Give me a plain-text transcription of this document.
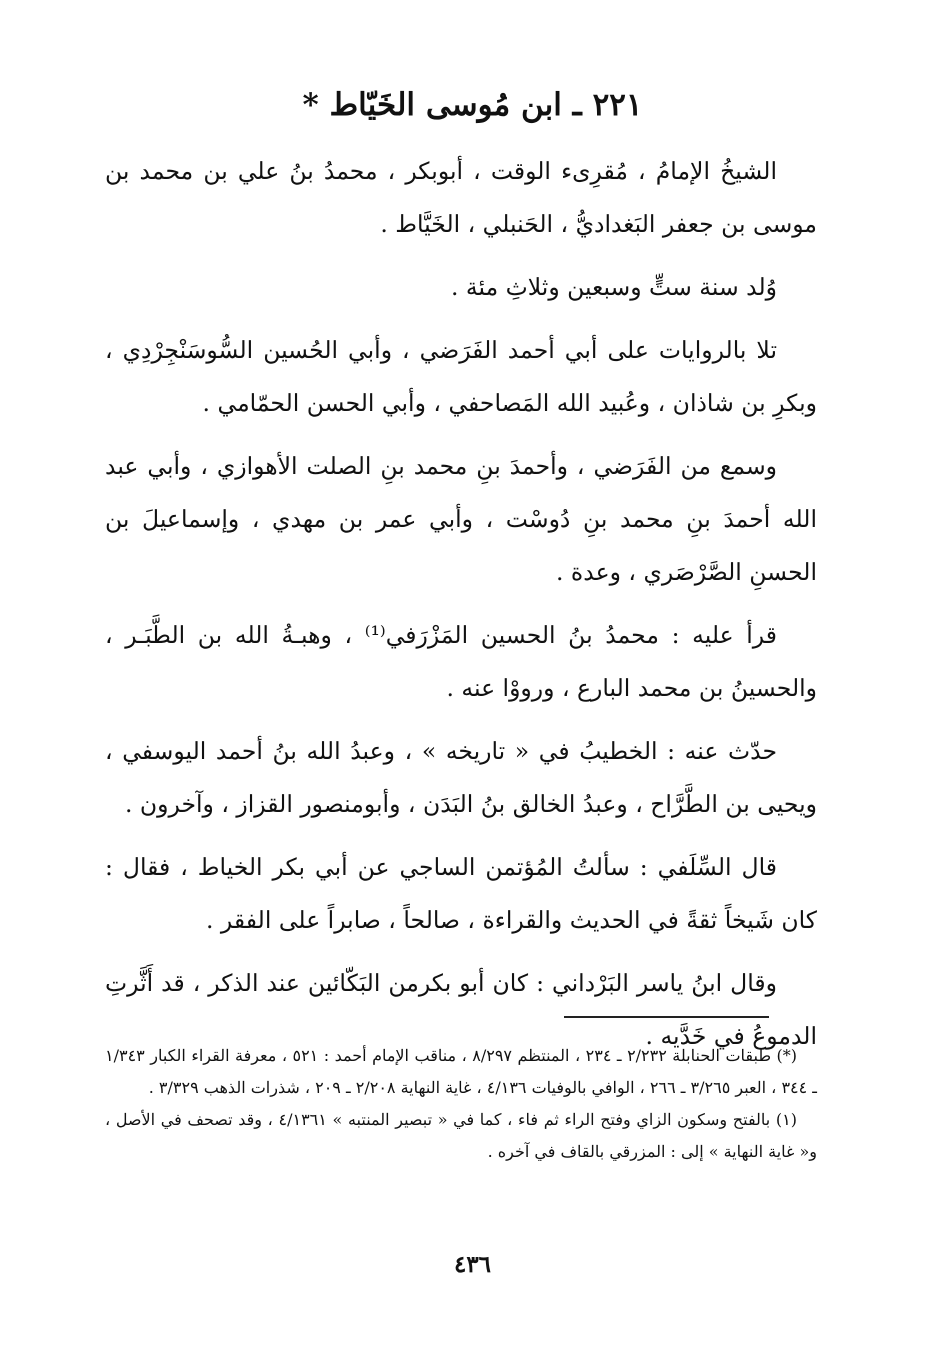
٢٢١ ـ ابن مُوسى الخَيّاط *

الشيخُ الإمامُ ، مُقرِىء الوقت ، أبوبكر ، محمدُ بنُ علي بن محمد بن موسى بن جعفر البَغداديُّ ، الحَنبلي ، الخَيَّاط .

وُلد سنة ستٍّ وسبعين وثلاثِ مئة .

تلا بالروايات على أبي أحمد الفَرَضي ، وأبي الحُسين السُّوسَنْجِرْدِي ، وبكرِ بن شاذان ، وعُبيد الله المَصاحفي ، وأبي الحسن الحمّامي .

وسمع من الفَرَضي ، وأحمدَ بنِ محمد بنِ الصلت الأهوازي ، وأبي عبد الله أحمدَ بنِ محمد بنِ دُوسْت ، وأبي عمر بن مهدي ، وإسماعيلَ بن الحسنِ الصَّرْصَري ، وعدة .

قرأ عليه : محمدُ بنُ الحسين المَزْرَفي⁽¹⁾ ، وهبـةُ الله بن الطَّبَـر ، والحسينُ بن محمد البارع ، ورووْا عنه .

حدّث عنه : الخطيبُ في « تاريخه » ، وعبدُ الله بنُ أحمد اليوسفي ، ويحيى بن الطَّرَّاح ، وعبدُ الخالق بنُ البَدَن ، وأبومنصور القزاز ، وآخرون .

قال السِّلَفي : سألتُ المُؤتمن الساجي عن أبي بكر الخياط ، فقال : كان شَيخاً ثقةً في الحديث والقراءة ، صالحاً ، صابراً على الفقر .

وقال ابنُ ياسر البَرْداني : كان أبو بكرمن البَكّائين عند الذكر ، قد أَثَّرتِ الدموعُ في خَدَّيه .

(*) طبقات الحنابلة ٢/٢٣٢ ـ ٢٣٤ ، المنتظم ٨/٢٩٧ ، مناقب الإمام أحمد : ٥٢١ ، معرفة القراء الكبار ١/٣٤٣ ـ ٣٤٤ ، العبر ٣/٢٦٥ ـ ٢٦٦ ، الوافي بالوفيات ٤/١٣٦ ، غاية النهاية ٢/٢٠٨ ـ ٢٠٩ ، شذرات الذهب ٣/٣٢٩ .

(١) بالفتح وسكون الزاي وفتح الراء ثم فاء ، كما في « تبصير المنتبه » ٤/١٣٦١ ، وقد تصحف في الأصل ، و« غاية النهاية » إلى : المزرقي بالقاف في آخره .

٤٣٦
